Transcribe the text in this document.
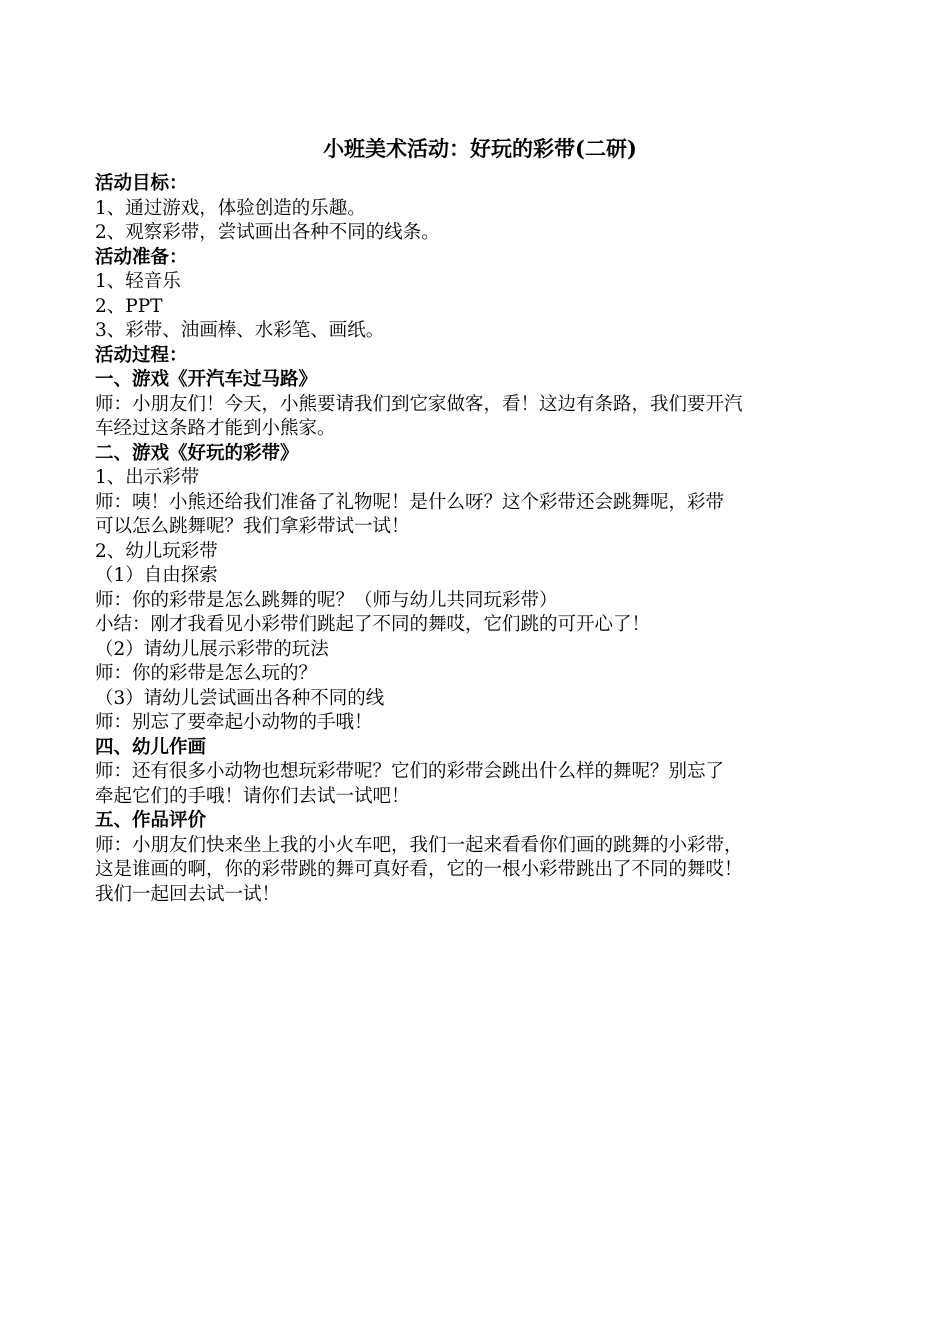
小班美术活动：好玩的彩带(二研)
活动目标：
1、通过游戏，体验创造的乐趣。
2、观察彩带，尝试画出各种不同的线条。
活动准备：
1、轻音乐
2、PPT
3、彩带、油画棒、水彩笔、画纸。
活动过程：
一、游戏《开汽车过马路》
师：小朋友们！今天，小熊要请我们到它家做客，看！这边有条路，我们要开汽
车经过这条路才能到小熊家。
二、游戏《好玩的彩带》
1、出示彩带
师：咦！小熊还给我们准备了礼物呢！是什么呀？这个彩带还会跳舞呢，彩带
可以怎么跳舞呢？我们拿彩带试一试！
2、幼儿玩彩带
（1）自由探索
师：你的彩带是怎么跳舞的呢？（师与幼儿共同玩彩带）
小结：刚才我看见小彩带们跳起了不同的舞哎，它们跳的可开心了！
（2）请幼儿展示彩带的玩法
师：你的彩带是怎么玩的？
（3）请幼儿尝试画出各种不同的线
师：别忘了要牵起小动物的手哦！
四、幼儿作画
师：还有很多小动物也想玩彩带呢？它们的彩带会跳出什么样的舞呢？别忘了
牵起它们的手哦！请你们去试一试吧！
五、作品评价
师：小朋友们快来坐上我的小火车吧，我们一起来看看你们画的跳舞的小彩带，
这是谁画的啊，你的彩带跳的舞可真好看，它的一根小彩带跳出了不同的舞哎！
我们一起回去试一试！
